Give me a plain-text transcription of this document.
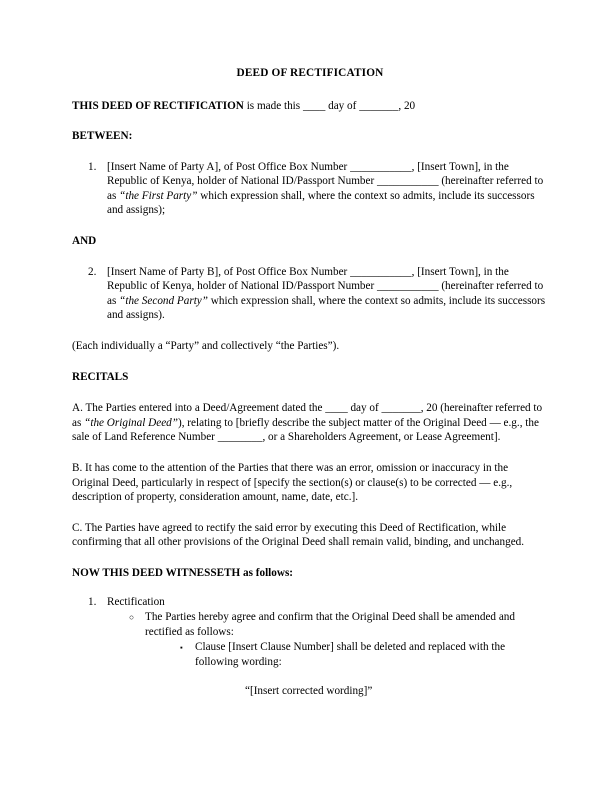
DEED OF RECTIFICATION

THIS DEED OF RECTIFICATION is made this ____ day of _______, 20

BETWEEN:
1. [Insert Name of Party A], of Post Office Box Number ___________, [Insert Town], in the Republic of Kenya, holder of National ID/Passport Number ___________ (hereinafter referred to as “the First Party” which expression shall, where the context so admits, include its successors and assigns);
AND
2. [Insert Name of Party B], of Post Office Box Number ___________, [Insert Town], in the Republic of Kenya, holder of National ID/Passport Number ___________ (hereinafter referred to as “the Second Party” which expression shall, where the context so admits, include its successors and assigns).

(Each individually a “Party” and collectively “the Parties”).

RECITALS

A. The Parties entered into a Deed/Agreement dated the ____ day of _______, 20 (hereinafter referred to as “the Original Deed”), relating to [briefly describe the subject matter of the Original Deed — e.g., the sale of Land Reference Number ________, or a Shareholders Agreement, or Lease Agreement].

B. It has come to the attention of the Parties that there was an error, omission or inaccuracy in the Original Deed, particularly in respect of [specify the section(s) or clause(s) to be corrected — e.g., description of property, consideration amount, name, date, etc.].

C. The Parties have agreed to rectify the said error by executing this Deed of Rectification, while confirming that all other provisions of the Original Deed shall remain valid, binding, and unchanged.

NOW THIS DEED WITNESSETH as follows:
1. Rectification
○ The Parties hereby agree and confirm that the Original Deed shall be amended and rectified as follows:
▪ Clause [Insert Clause Number] shall be deleted and replaced with the following wording:
“[Insert corrected wording]”
